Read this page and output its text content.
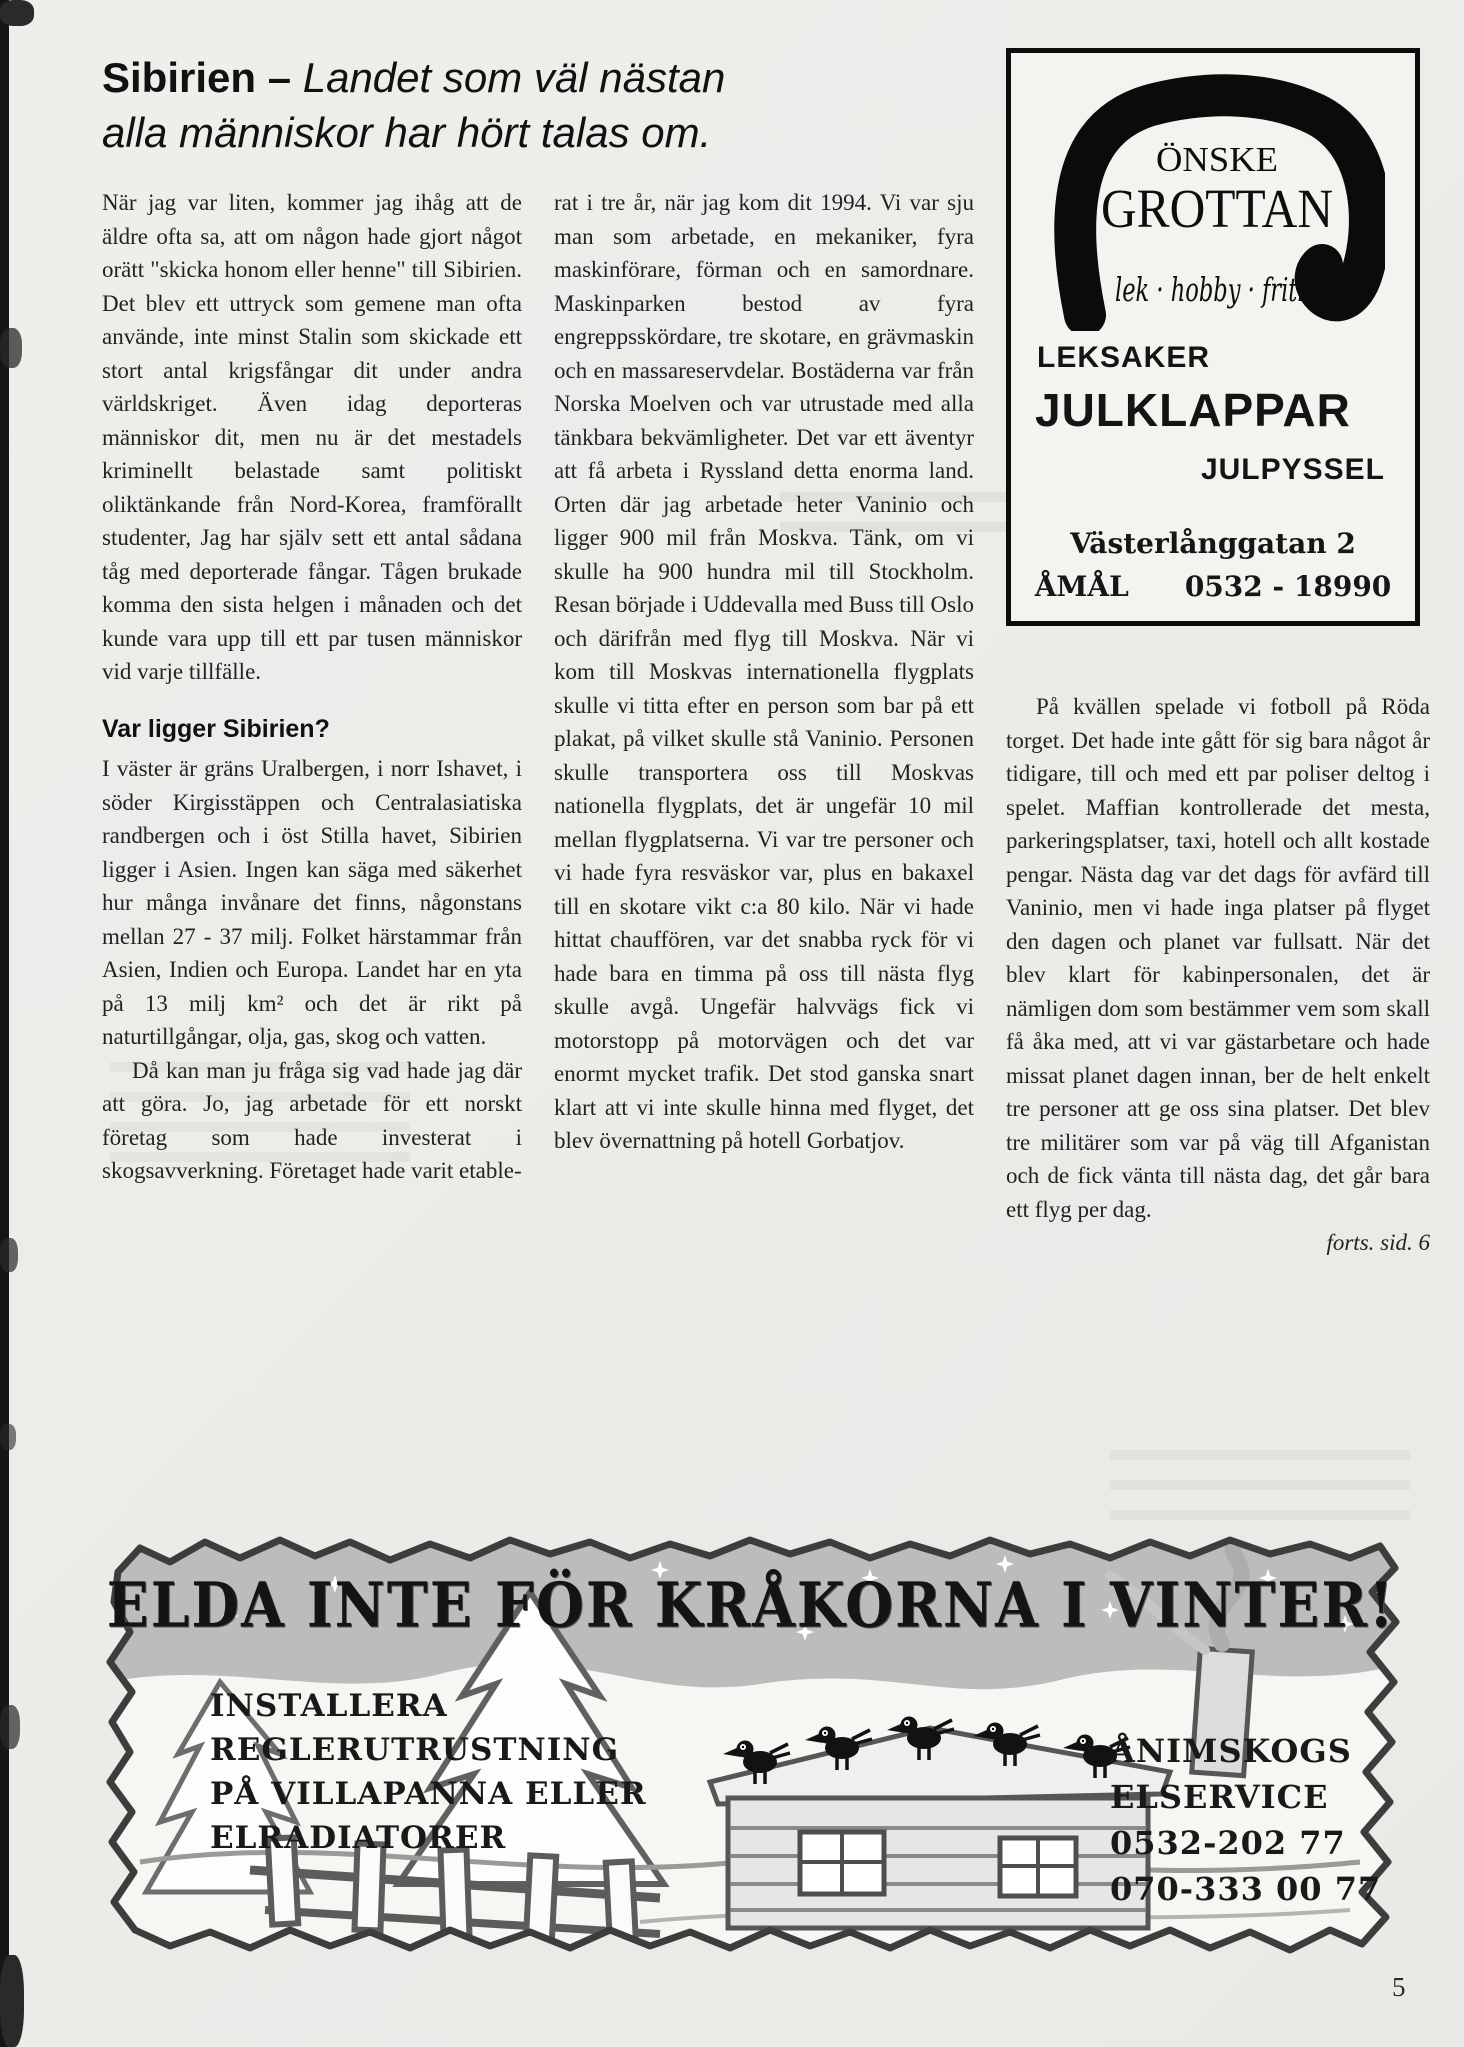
Sibirien – Landet som väl nästan
alla människor har hört talas om.

När jag var liten, kommer jag ihåg att de äldre ofta sa, att om någon hade gjort något orätt "skicka honom eller henne" till Sibirien. Det blev ett uttryck som gemene man ofta använde, inte minst Stalin som skickade ett stort antal krigsfångar dit under andra världskriget. Även idag deporteras människor dit, men nu är det mestadels kriminellt belastade samt politiskt oliktänkande från Nord-Korea, framförallt studenter, Jag har själv sett ett antal sådana tåg med deporterade fångar. Tågen brukade komma den sista helgen i månaden och det kunde vara upp till ett par tusen människor vid varje tillfälle.

Var ligger Sibirien?

I väster är gräns Uralbergen, i norr Ishavet, i söder Kirgisstäppen och Centralasiatiska randbergen och i öst Stilla havet, Sibirien ligger i Asien. Ingen kan säga med säkerhet hur många invånare det finns, någonstans mellan 27 - 37 milj. Folket härstammar från Asien, Indien och Europa. Landet har en yta på 13 milj km² och det är rikt på naturtillgångar, olja, gas, skog och vatten.

Då kan man ju fråga sig vad hade jag där att göra. Jo, jag arbetade för ett norskt företag som hade investerat i skogsavverkning. Företaget hade varit etable-

rat i tre år, när jag kom dit 1994. Vi var sju man som arbetade, en mekaniker, fyra maskinförare, förman och en samordnare. Maskinparken bestod av fyra engreppsskördare, tre skotare, en grävmaskin och en massareservdelar. Bostäderna var från Norska Moelven och var utrustade med alla tänkbara bekvämligheter. Det var ett äventyr att få arbeta i Ryssland detta enorma land. Orten där jag arbetade heter Vaninio och ligger 900 mil från Moskva. Tänk, om vi skulle ha 900 hundra mil till Stockholm. Resan började i Uddevalla med Buss till Oslo och därifrån med flyg till Moskva. När vi kom till Moskvas internationella flygplats skulle vi titta efter en person som bar på ett plakat, på vilket skulle stå Vaninio. Personen skulle transportera oss till Moskvas nationella flygplats, det är ungefär 10 mil mellan flygplatserna. Vi var tre personer och vi hade fyra resväskor var, plus en bakaxel till en skotare vikt c:a 80 kilo. När vi hade hittat chauffören, var det snabba ryck för vi hade bara en timma på oss till nästa flyg skulle avgå. Ungefär halvvägs fick vi motorstopp på motorvägen och det var enormt mycket trafik. Det stod ganska snart klart att vi inte skulle hinna med flyget, det blev övernattning på hotell Gorbatjov.

På kvällen spelade vi fotboll på Röda torget. Det hade inte gått för sig bara något år tidigare, till och med ett par poliser deltog i spelet. Maffian kontrollerade det mesta, parkeringsplatser, taxi, hotell och allt kostade pengar. Nästa dag var det dags för avfärd till Vaninio, men vi hade inga platser på flyget den dagen och planet var fullsatt. När det blev klart för kabinpersonalen, det är nämligen dom som bestämmer vem som skall få åka med, att vi var gästarbetare och hade missat planet dagen innan, ber de helt enkelt tre personer att ge oss sina platser. Det blev tre militärer som var på väg till Afganistan och de fick vänta till nästa dag, det går bara ett flyg per dag.

forts. sid. 6

ÖNSKE
GROTTAN
lek · hobby · fritid
LEKSAKER
JULKLAPPAR
JULPYSSEL
Västerlånggatan 2
ÅMÅL 0532 - 18990
ELDA INTE FÖR KRÅKORNA I VINTER!
INSTALLERA
REGLERUTRUSTNING
PÅ VILLAPANNA ELLER
ELRADIATORER
ÅNIMSKOGS
ELSERVICE
0532-202 77
070-333 00 77
5
